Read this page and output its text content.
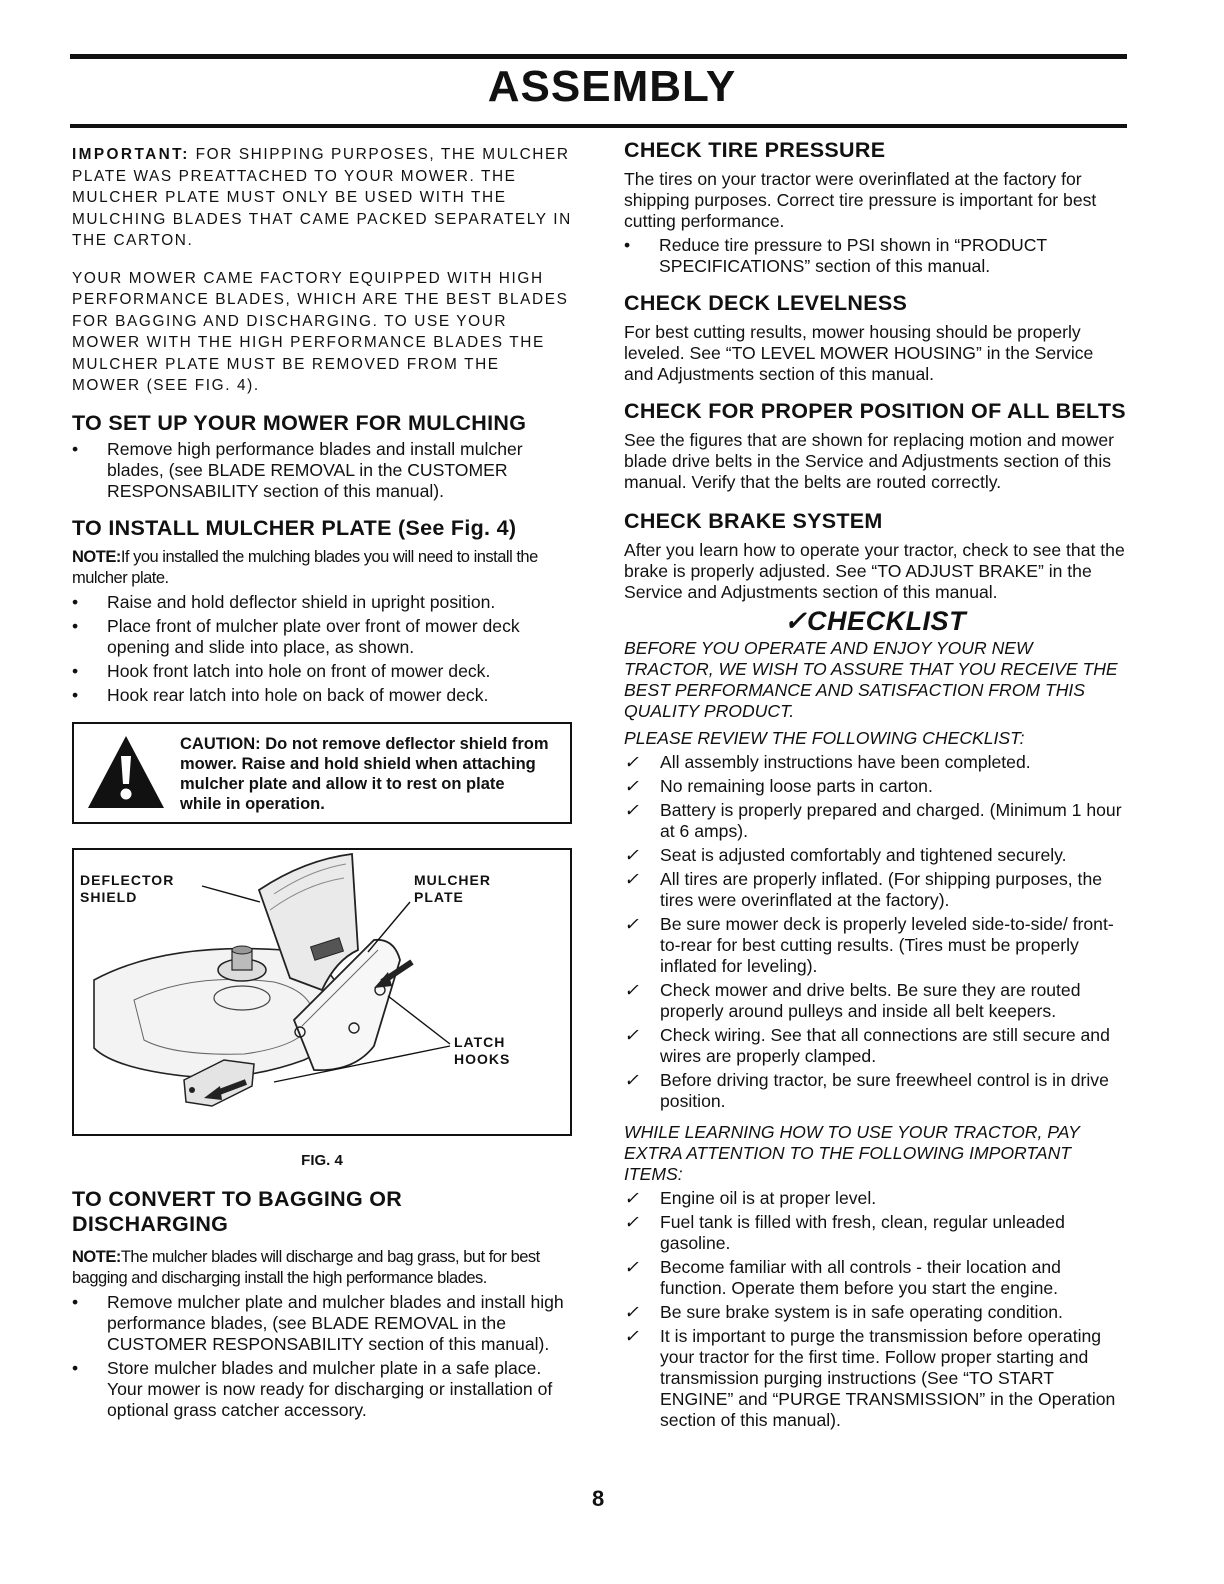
ASSEMBLY

IMPORTANT: FOR SHIPPING PURPOSES, THE MULCHER PLATE WAS PREATTACHED TO YOUR MOWER. THE MULCHER PLATE MUST ONLY BE USED WITH THE MULCHING BLADES THAT CAME PACKED SEPARATELY IN THE CARTON.

YOUR MOWER CAME FACTORY EQUIPPED WITH HIGH PERFORMANCE BLADES, WHICH ARE THE BEST BLADES FOR BAGGING AND DISCHARGING. TO USE YOUR MOWER WITH THE HIGH PERFORMANCE BLADES THE MULCHER PLATE MUST BE REMOVED FROM THE MOWER (SEE FIG. 4).

TO SET UP YOUR MOWER FOR MULCHING
• Remove high performance blades and install mulcher blades, (see BLADE REMOVAL in the CUSTOMER RESPONSABILITY section of this manual).
TO INSTALL MULCHER PLATE (See Fig. 4)

NOTE:If you installed the mulching blades you will need to install the mulcher plate.

• Raise and hold deflector shield in upright position.
• Place front of mulcher plate over front of mower deck opening and slide into place, as shown.
• Hook front latch into hole on front of mower deck.
• Hook rear latch into hole on back of mower deck.

CAUTION: Do not remove deflector shield from mower. Raise and hold shield when attaching mulcher plate and allow it to rest on plate while in operation.

DEFLECTOR
SHIELD

MULCHER
PLATE

LATCH
HOOKS

FIG. 4

TO CONVERT TO BAGGING OR
DISCHARGING

NOTE:The mulcher blades will discharge and bag grass, but for best bagging and discharging install the high performance blades.

• Remove mulcher plate and mulcher blades and install high performance blades, (see BLADE REMOVAL in the CUSTOMER RESPONSABILITY section of this manual).
• Store mulcher blades and mulcher plate in a safe place. Your mower is now ready for discharging or installation of optional grass catcher accessory.
CHECK TIRE PRESSURE

The tires on your tractor were overinflated at the factory for shipping purposes. Correct tire pressure is important for best cutting performance.

• Reduce tire pressure to PSI shown in “PRODUCT SPECIFICATIONS” section of this manual.
CHECK DECK LEVELNESS

For best cutting results, mower housing should be properly leveled. See “TO LEVEL MOWER HOUSING” in the Service and Adjustments section of this manual.

CHECK FOR PROPER POSITION OF ALL BELTS

See the figures that are shown for replacing motion and mower blade drive belts in the Service and Adjustments section of this manual. Verify that the belts are routed correctly.

CHECK BRAKE SYSTEM

After you learn how to operate your tractor, check to see that the brake is properly adjusted. See “TO ADJUST BRAKE” in the Service and Adjustments section of this manual.

✓CHECKLIST

BEFORE YOU OPERATE AND ENJOY YOUR NEW TRACTOR, WE WISH TO ASSURE THAT YOU RECEIVE THE BEST PERFORMANCE AND SATISFACTION FROM THIS QUALITY PRODUCT.

PLEASE REVIEW THE FOLLOWING CHECKLIST:

✓ All assembly instructions have been completed.
✓ No remaining loose parts in carton.
✓ Battery is properly prepared and charged. (Minimum 1 hour at 6 amps).
✓ Seat is adjusted comfortably and tightened securely.
✓ All tires are properly inflated. (For shipping purposes, the tires were overinflated at the factory).
✓ Be sure mower deck is properly leveled side-to-side/ front-to-rear for best cutting results. (Tires must be properly inflated for leveling).
✓ Check mower and drive belts. Be sure they are routed properly around pulleys and inside all belt keepers.
✓ Check wiring. See that all connections are still secure and wires are properly clamped.
✓ Before driving tractor, be sure freewheel control is in drive position.

WHILE LEARNING HOW TO USE YOUR TRACTOR, PAY EXTRA ATTENTION TO THE FOLLOWING IMPORTANT ITEMS:

✓ Engine oil is at proper level.
✓ Fuel tank is filled with fresh, clean, regular unleaded gasoline.
✓ Become familiar with all controls - their location and function. Operate them before you start the engine.
✓ Be sure brake system is in safe operating condition.
✓ It is important to purge the transmission before operating your tractor for the first time. Follow proper starting and transmission purging instructions (See “TO START ENGINE” and “PURGE TRANSMISSION” in the Operation section of this manual).

8
